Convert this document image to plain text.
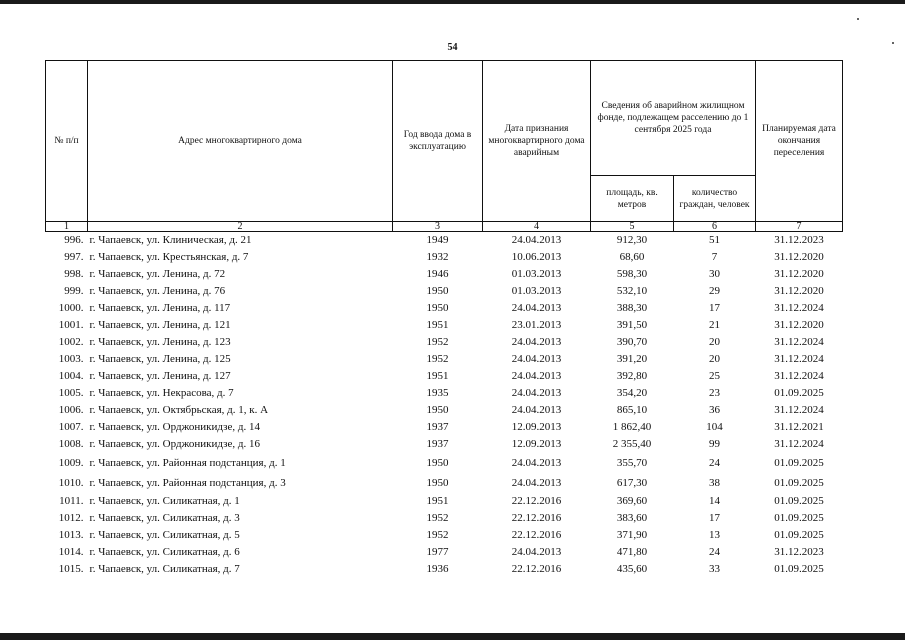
54
№ п/п	Адрес многоквартирного дома	Год ввода дома в эксплуатацию	Дата признания многоквартирного дома аварийным	Сведения об аварийном жилищном фонде, подлежащем расселению до 1 сентября 2025 года		Планируемая дата окончания переселения
				площадь, кв. метров	количество граждан, человек	
1	2	3	4	5	6	7
996.	г. Чапаевск, ул. Клиническая, д. 21	1949	24.04.2013	912,30	51	31.12.2023
997.	г. Чапаевск, ул. Крестьянская, д. 7	1932	10.06.2013	68,60	7	31.12.2020
998.	г. Чапаевск, ул. Ленина, д. 72	1946	01.03.2013	598,30	30	31.12.2020
999.	г. Чапаевск, ул. Ленина, д. 76	1950	01.03.2013	532,10	29	31.12.2020
1000.	г. Чапаевск, ул. Ленина, д. 117	1950	24.04.2013	388,30	17	31.12.2024
1001.	г. Чапаевск, ул. Ленина, д. 121	1951	23.01.2013	391,50	21	31.12.2020
1002.	г. Чапаевск, ул. Ленина, д. 123	1952	24.04.2013	390,70	20	31.12.2024
1003.	г. Чапаевск, ул. Ленина, д. 125	1952	24.04.2013	391,20	20	31.12.2024
1004.	г. Чапаевск, ул. Ленина, д. 127	1951	24.04.2013	392,80	25	31.12.2024
1005.	г. Чапаевск, ул. Некрасова, д. 7	1935	24.04.2013	354,20	23	01.09.2025
1006.	г. Чапаевск, ул. Октябрьская, д. 1, к. А	1950	24.04.2013	865,10	36	31.12.2024
1007.	г. Чапаевск, ул. Орджоникидзе, д. 14	1937	12.09.2013	1 862,40	104	31.12.2021
1008.	г. Чапаевск, ул. Орджоникидзе, д. 16	1937	12.09.2013	2 355,40	99	31.12.2024
1009.	г. Чапаевск, ул. Районная подстанция, д. 1	1950	24.04.2013	355,70	24	01.09.2025
1010.	г. Чапаевск, ул. Районная подстанция, д. 3	1950	24.04.2013	617,30	38	01.09.2025
1011.	г. Чапаевск, ул. Силикатная, д. 1	1951	22.12.2016	369,60	14	01.09.2025
1012.	г. Чапаевск, ул. Силикатная, д. 3	1952	22.12.2016	383,60	17	01.09.2025
1013.	г. Чапаевск, ул. Силикатная, д. 5	1952	22.12.2016	371,90	13	01.09.2025
1014.	г. Чапаевск, ул. Силикатная, д. 6	1977	24.04.2013	471,80	24	31.12.2023
1015.	г. Чапаевск, ул. Силикатная, д. 7	1936	22.12.2016	435,60	33	01.09.2025
